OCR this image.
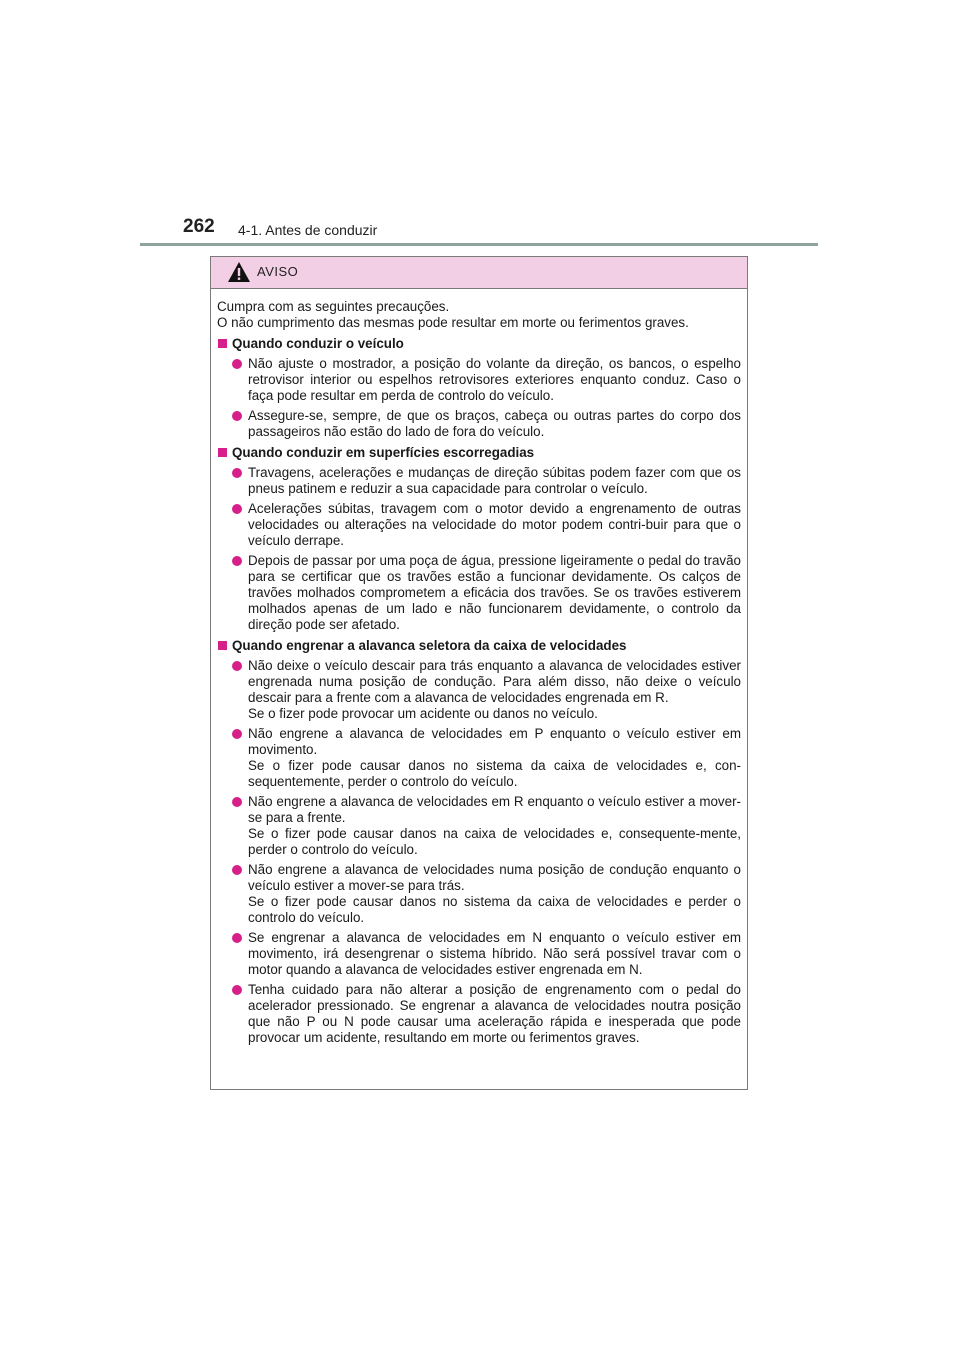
262 4-1. Antes de conduzir
AVISO

Cumpra com as seguintes precauções.

O não cumprimento das mesmas pode resultar em morte ou ferimentos graves.

Quando conduzir o veículo

Não ajuste o mostrador, a posição do volante da direção, os bancos, o espelho retrovisor interior ou espelhos retrovisores exteriores enquanto conduz. Caso o faça pode resultar em perda de controlo do veículo.

Assegure-se, sempre, de que os braços, cabeça ou outras partes do corpo dos passageiros não estão do lado de fora do veículo.

Quando conduzir em superfícies escorregadias

Travagens, acelerações e mudanças de direção súbitas podem fazer com que os pneus patinem e reduzir a sua capacidade para controlar o veículo.

Acelerações súbitas, travagem com o motor devido a engrenamento de outras velocidades ou alterações na velocidade do motor podem contri-buir para que o veículo derrape.

Depois de passar por uma poça de água, pressione ligeiramente o pedal do travão para se certificar que os travões estão a funcionar devidamente. Os calços de travões molhados comprometem a eficácia dos travões. Se os travões estiverem molhados apenas de um lado e não funcionarem devidamente, o controlo da direção pode ser afetado.

Quando engrenar a alavanca seletora da caixa de velocidades

Não deixe o veículo descair para trás enquanto a alavanca de velocidades estiver engrenada numa posição de condução. Para além disso, não deixe o veículo descair para a frente com a alavanca de velocidades engrenada em R.

Se o fizer pode provocar um acidente ou danos no veículo.

Não engrene a alavanca de velocidades em P enquanto o veículo estiver em movimento.

Se o fizer pode causar danos no sistema da caixa de velocidades e, con-sequentemente, perder o controlo do veículo.

Não engrene a alavanca de velocidades em R enquanto o veículo estiver a mover-se para a frente.

Se o fizer pode causar danos na caixa de velocidades e, consequente-mente, perder o controlo do veículo.

Não engrene a alavanca de velocidades numa posição de condução enquanto o veículo estiver a mover-se para trás.

Se o fizer pode causar danos no sistema da caixa de velocidades e perder o controlo do veículo.

Se engrenar a alavanca de velocidades em N enquanto o veículo estiver em movimento, irá desengrenar o sistema híbrido. Não será possível travar com o motor quando a alavanca de velocidades estiver engrenada em N.

Tenha cuidado para não alterar a posição de engrenamento com o pedal do acelerador pressionado. Se engrenar a alavanca de velocidades noutra posição que não P ou N pode causar uma aceleração rápida e inesperada que pode provocar um acidente, resultando em morte ou ferimentos graves.
